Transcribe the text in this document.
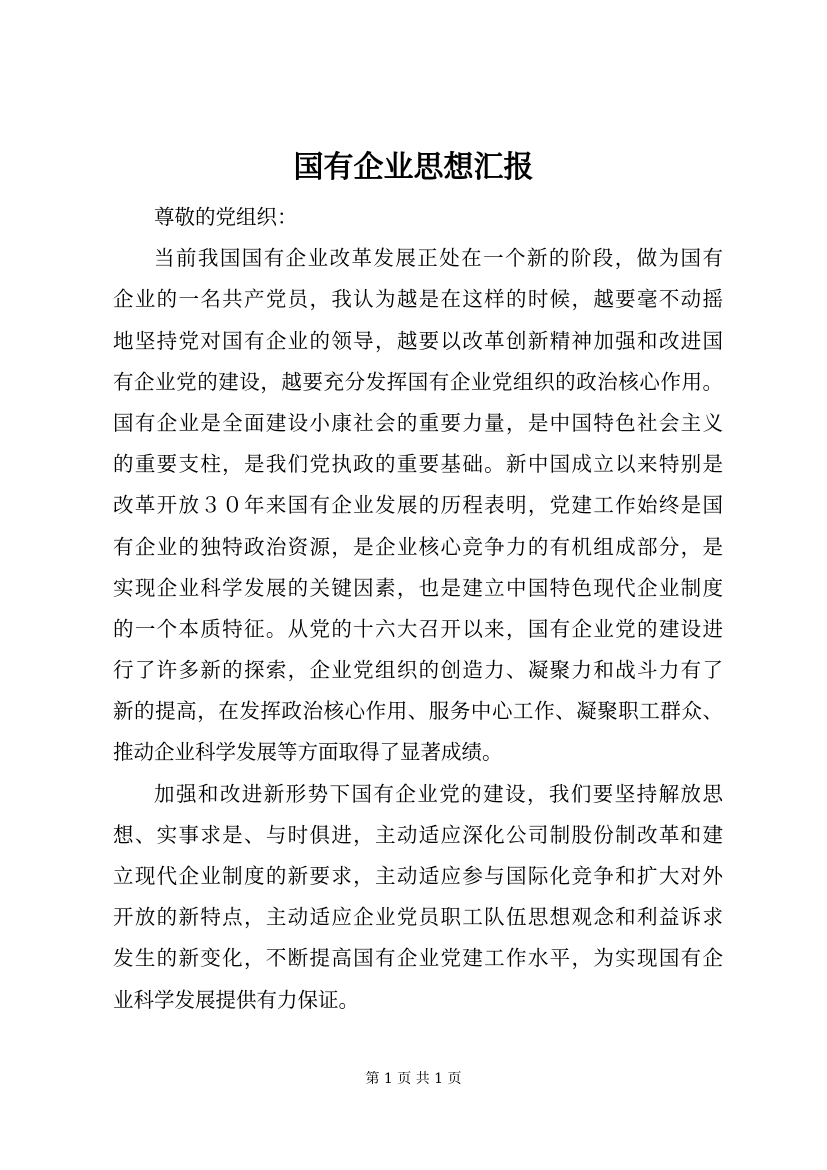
国有企业思想汇报
尊敬的党组织：
当前我国国有企业改革发展正处在一个新的阶段，做为国有
企业的一名共产党员，我认为越是在这样的时候，越要毫不动摇
地坚持党对国有企业的领导，越要以改革创新精神加强和改进国
有企业党的建设，越要充分发挥国有企业党组织的政治核心作用。
国有企业是全面建设小康社会的重要力量，是中国特色社会主义
的重要支柱，是我们党执政的重要基础。新中国成立以来特别是
改革开放３０年来国有企业发展的历程表明，党建工作始终是国
有企业的独特政治资源，是企业核心竞争力的有机组成部分，是
实现企业科学发展的关键因素，也是建立中国特色现代企业制度
的一个本质特征。从党的十六大召开以来，国有企业党的建设进
行了许多新的探索，企业党组织的创造力、凝聚力和战斗力有了
新的提高，在发挥政治核心作用、服务中心工作、凝聚职工群众、
推动企业科学发展等方面取得了显著成绩。
加强和改进新形势下国有企业党的建设，我们要坚持解放思
想、实事求是、与时俱进，主动适应深化公司制股份制改革和建
立现代企业制度的新要求，主动适应参与国际化竞争和扩大对外
开放的新特点，主动适应企业党员职工队伍思想观念和利益诉求
发生的新变化，不断提高国有企业党建工作水平，为实现国有企
业科学发展提供有力保证。
第 1 页 共 1 页
